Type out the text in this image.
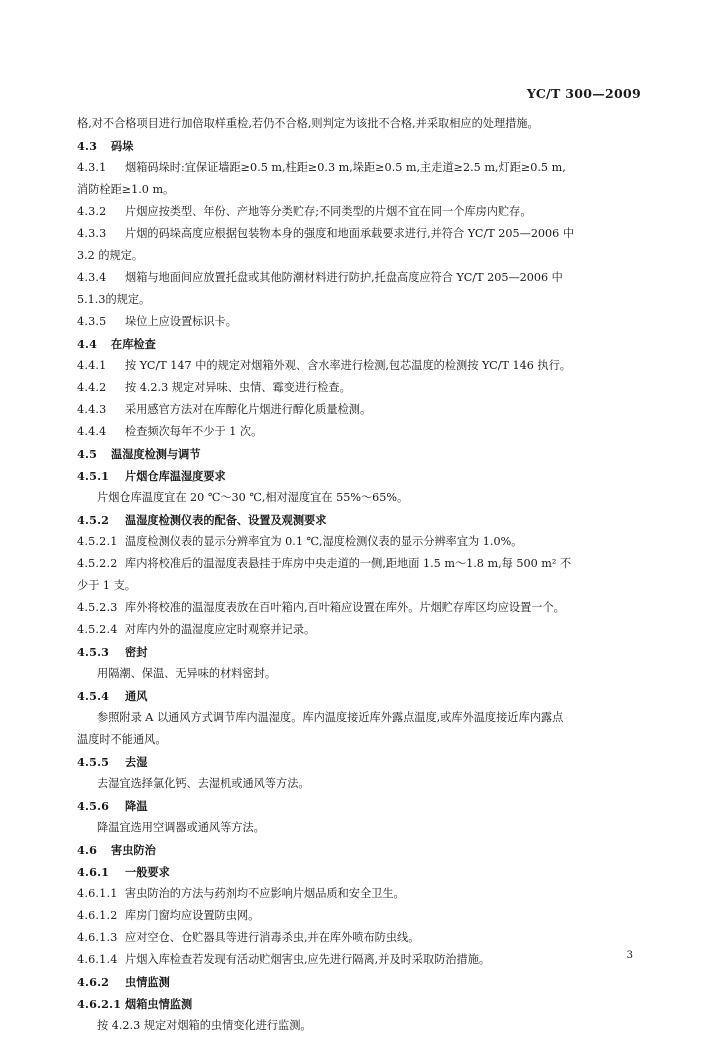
YC/T 300—2009
格,对不合格项目进行加倍取样重检,若仍不合格,则判定为该批不合格,并采取相应的处理措施。
4.3 码垛
4.3.1 烟箱码垛时:宜保证墙距≥0.5 m,柱距≥0.3 m,垛距≥0.5 m,主走道≥2.5 m,灯距≥0.5 m,
消防栓距≥1.0 m。
4.3.2 片烟应按类型、年份、产地等分类贮存;不同类型的片烟不宜在同一个库房内贮存。
4.3.3 片烟的码垛高度应根据包装物本身的强度和地面承载要求进行,并符合 YC/T 205—2006 中
3.2 的规定。
4.3.4 烟箱与地面间应放置托盘或其他防潮材料进行防护,托盘高度应符合 YC/T 205—2006 中
5.1.3的规定。
4.3.5 垛位上应设置标识卡。
4.4 在库检查
4.4.1 按 YC/T 147 中的规定对烟箱外观、含水率进行检测,包芯温度的检测按 YC/T 146 执行。
4.4.2 按 4.2.3 规定对异味、虫情、霉变进行检查。
4.4.3 采用感官方法对在库醇化片烟进行醇化质量检测。
4.4.4 检查频次每年不少于 1 次。
4.5 温湿度检测与调节
4.5.1 片烟仓库温湿度要求
片烟仓库温度宜在 20 ℃～30 ℃,相对湿度宜在 55%～65%。
4.5.2 温湿度检测仪表的配备、设置及观测要求
4.5.2.1 温度检测仪表的显示分辨率宜为 0.1 ℃,湿度检测仪表的显示分辨率宜为 1.0%。
4.5.2.2 库内将校准后的温湿度表悬挂于库房中央走道的一侧,距地面 1.5 m～1.8 m,每 500 m² 不
少于 1 支。
4.5.2.3 库外将校准的温湿度表放在百叶箱内,百叶箱应设置在库外。片烟贮存库区均应设置一个。
4.5.2.4 对库内外的温湿度应定时观察并记录。
4.5.3 密封
用隔潮、保温、无异味的材料密封。
4.5.4 通风
参照附录 A 以通风方式调节库内温湿度。库内温度接近库外露点温度,或库外温度接近库内露点
温度时不能通风。
4.5.5 去湿
去湿宜选择氯化钙、去湿机或通风等方法。
4.5.6 降温
降温宜选用空调器或通风等方法。
4.6 害虫防治
4.6.1 一般要求
4.6.1.1 害虫防治的方法与药剂均不应影响片烟品质和安全卫生。
4.6.1.2 库房门窗均应设置防虫网。
4.6.1.3 应对空仓、仓贮器具等进行消毒杀虫,并在库外喷布防虫线。
4.6.1.4 片烟入库检查若发现有活动贮烟害虫,应先进行隔离,并及时采取防治措施。
4.6.2 虫情监测
4.6.2.1 烟箱虫情监测
按 4.2.3 规定对烟箱的虫情变化进行监测。
3
